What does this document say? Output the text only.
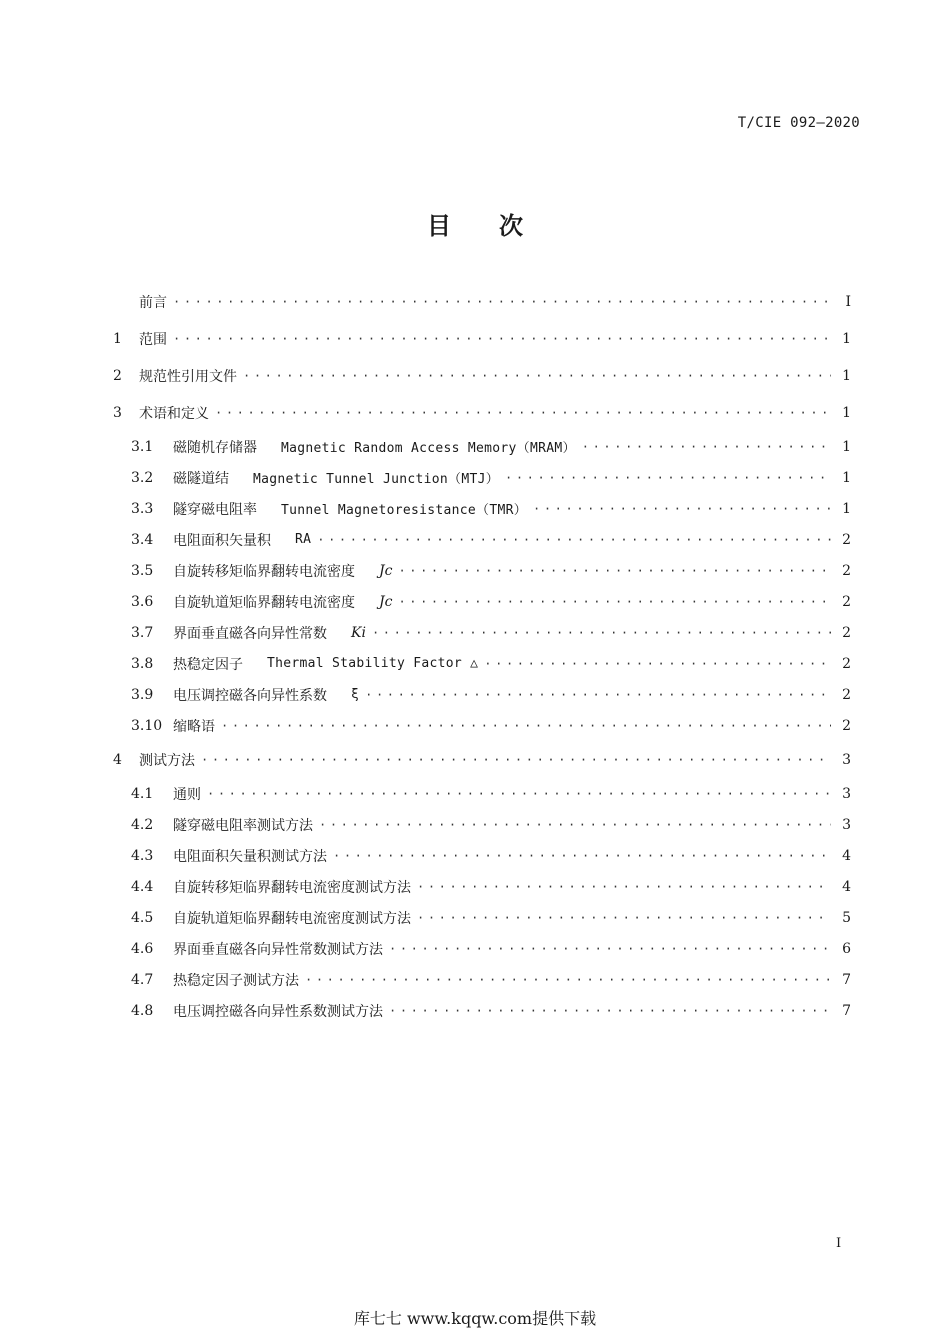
T/CIE 092—2020
目 次
前言 ·····	I
1	范围 ·····	1
2	规范性引用文件 ·····	1
3	术语和定义 ·····	1
3.1	磁随机存储器 Magnetic Random Access Memory（MRAM） ·····	1
3.2	磁隧道结 Magnetic Tunnel Junction（MTJ） ·····	1
3.3	隧穿磁电阻率 Tunnel Magnetoresistance（TMR） ·····	1
3.4	电阻面积矢量积 RA ·····	2
3.5	自旋转移矩临界翻转电流密度 Jc ·····	2
3.6	自旋轨道矩临界翻转电流密度 Jc ·····	2
3.7	界面垂直磁各向异性常数 Ki ·····	2
3.8	热稳定因子 Thermal Stability Factor △ ·····	2
3.9	电压调控磁各向异性系数 ξ ·····	2
3.10 缩略语 ·····	2
4	测试方法 ·····	3
4.1	通则 ·····	3
4.2	隧穿磁电阻率测试方法 ·····	3
4.3	电阻面积矢量积测试方法 ·····	4
4.4	自旋转移矩临界翻转电流密度测试方法 ·····	4
4.5	自旋轨道矩临界翻转电流密度测试方法 ·····	5
4.6	界面垂直磁各向异性常数测试方法 ·····	6
4.7	热稳定因子测试方法 ·····	7
4.8	电压调控磁各向异性系数测试方法 ·····	7
I
库七七 www.kqqw.com提供下载
